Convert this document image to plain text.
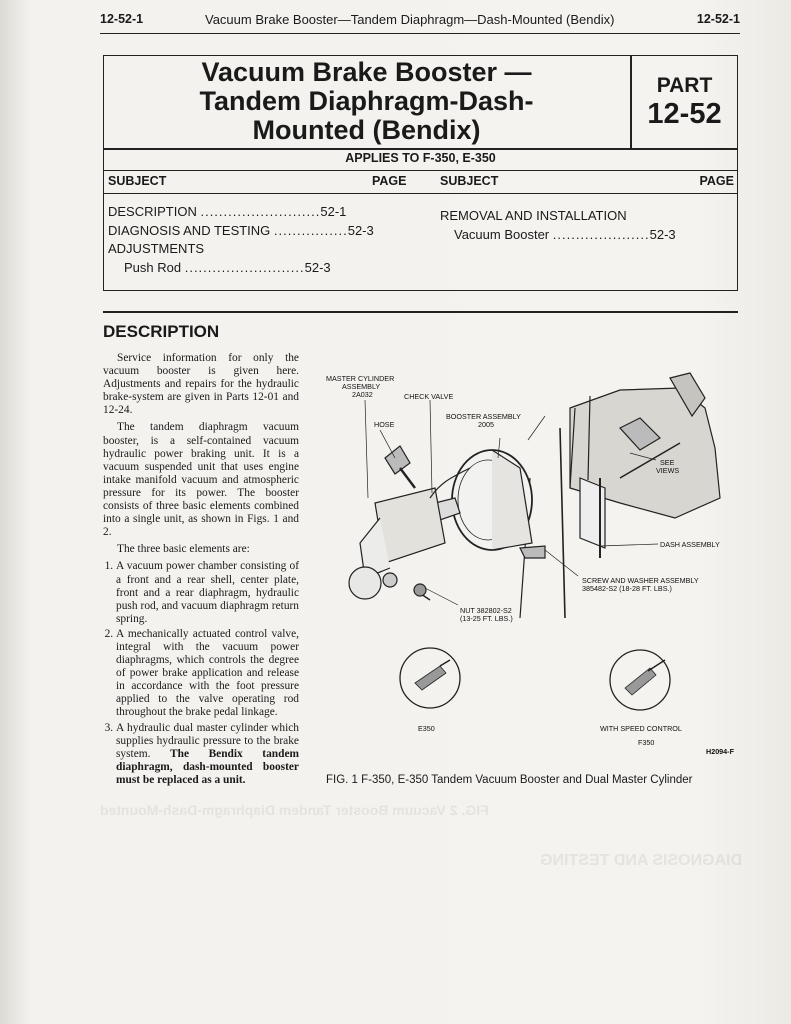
DIAGNOSIS AND TESTING
FIG. 2 Vacuum Booster Tandem Diaphragm-Dash-Mounted
12-52-1	Vacuum Brake Booster—Tandem Diaphragm—Dash-Mounted (Bendix)	12-52-1
Vacuum Brake Booster —
Tandem Diaphragm-Dash-
Mounted (Bendix)
PART
12-52
APPLIES TO F-350, E-350
SUBJECT	PAGE	SUBJECT	PAGE
DESCRIPTION ..........................52-1
DIAGNOSIS AND TESTING ................52-3
ADJUSTMENTS
Push Rod ..........................52-3
REMOVAL AND INSTALLATION
Vacuum Booster .....................52-3
DESCRIPTION

Service information for only the vacuum booster is given here. Adjustments and repairs for the hydraulic brake-system are given in Parts 12-01 and 12-24.

The tandem diaphragm vacuum booster, is a self-contained vacuum hydraulic power braking unit. It is a vacuum suspended unit that uses engine intake manifold vacuum and atmospheric pressure for its power. The booster consists of three basic elements combined into a single unit, as shown in Figs. 1 and 2.

The three basic elements are:

1. A vacuum power chamber consisting of a front and a rear shell, center plate, front and a rear diaphragm, hydraulic push rod, and vacuum diaphragm return spring.
2. A mechanically actuated control valve, integral with the vacuum power diaphragms, which controls the degree of power brake application and release in accordance with the foot pressure applied to the valve operating rod throughout the brake pedal linkage.
3. A hydraulic dual master cylinder which supplies hydraulic pressure to the brake system. The Bendix tandem diaphragm, dash-mounted booster must be replaced as a unit.
MASTER CYLINDER
ASSEMBLY
2A032	CHECK VALVE
HOSE
BOOSTER ASSEMBLY
2005
SEE
VIEWS
DASH ASSEMBLY
SCREW AND WASHER ASSEMBLY
385482-S2 (18-28 FT. LBS.)
NUT 382802-S2
(13-25 FT. LBS.)
E350	WITH SPEED CONTROL
F350
H2094-F
FIG. 1 F-350, E-350 Tandem Vacuum Booster and Dual Master Cylinder
